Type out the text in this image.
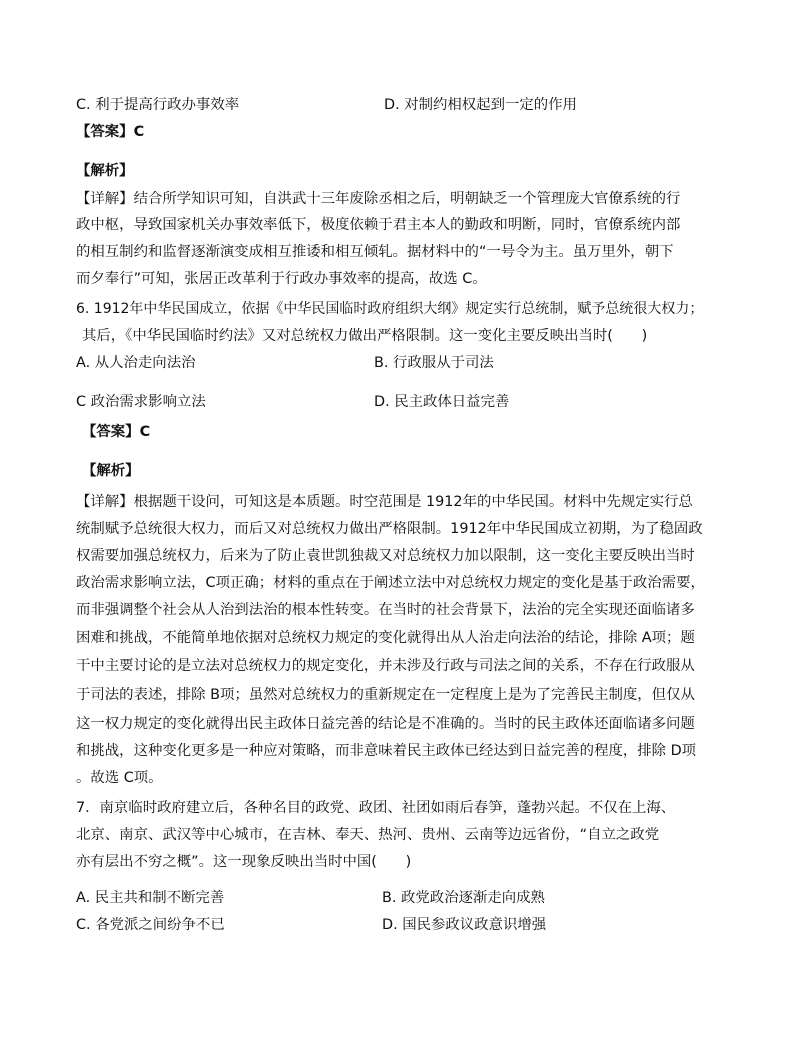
C. 利于提高行政办事效率	D. 对制约相权起到一定的作用
【答案】C
【解析】
【详解】结合所学知识可知，自洪武十三年废除丞相之后，明朝缺乏一个管理庞大官僚系统的行
政中枢，导致国家机关办事效率低下，极度依赖于君主本人的勤政和明断，同时，官僚系统内部
的相互制约和监督逐渐演变成相互推诿和相互倾轧。据材料中的“一号令为主。虽万里外，朝下
而夕奉行”可知，张居正改革利于行政办事效率的提高，故选 C。
6. 1912年中华民国成立，依据《中华民国临时政府组织大纲》规定实行总统制，赋予总统很大权力；
其后，《中华民国临时约法》又对总统权力做出严格限制。这一变化主要反映出当时(　　)
A. 从人治走向法治	B. 行政服从于司法
C 政治需求影响立法	D. 民主政体日益完善
【答案】C
【解析】
【详解】根据题干设问，可知这是本质题。时空范围是 1912年的中华民国。材料中先规定实行总
统制赋予总统很大权力，而后又对总统权力做出严格限制。1912年中华民国成立初期，为了稳固政
权需要加强总统权力，后来为了防止袁世凯独裁又对总统权力加以限制，这一变化主要反映出当时
政治需求影响立法，C项正确；材料的重点在于阐述立法中对总统权力规定的变化是基于政治需要，
而非强调整个社会从人治到法治的根本性转变。在当时的社会背景下，法治的完全实现还面临诸多
困难和挑战，不能简单地依据对总统权力规定的变化就得出从人治走向法治的结论，排除 A项；题
干中主要讨论的是立法对总统权力的规定变化，并未涉及行政与司法之间的关系，不存在行政服从
于司法的表述，排除 B项；虽然对总统权力的重新规定在一定程度上是为了完善民主制度，但仅从
这一权力规定的变化就得出民主政体日益完善的结论是不准确的。当时的民主政体还面临诸多问题
和挑战，这种变化更多是一种应对策略，而非意味着民主政体已经达到日益完善的程度，排除 D项
。故选 C项。
7．南京临时政府建立后，各种名目的政党、政团、社团如雨后春笋，蓬勃兴起。不仅在上海、
北京、南京、武汉等中心城市，在吉林、奉天、热河、贵州、云南等边远省份，“自立之政党
亦有层出不穷之概”。这一现象反映出当时中国(　　)
A. 民主共和制不断完善	B. 政党政治逐渐走向成熟
C. 各党派之间纷争不已	D. 国民参政议政意识增强
